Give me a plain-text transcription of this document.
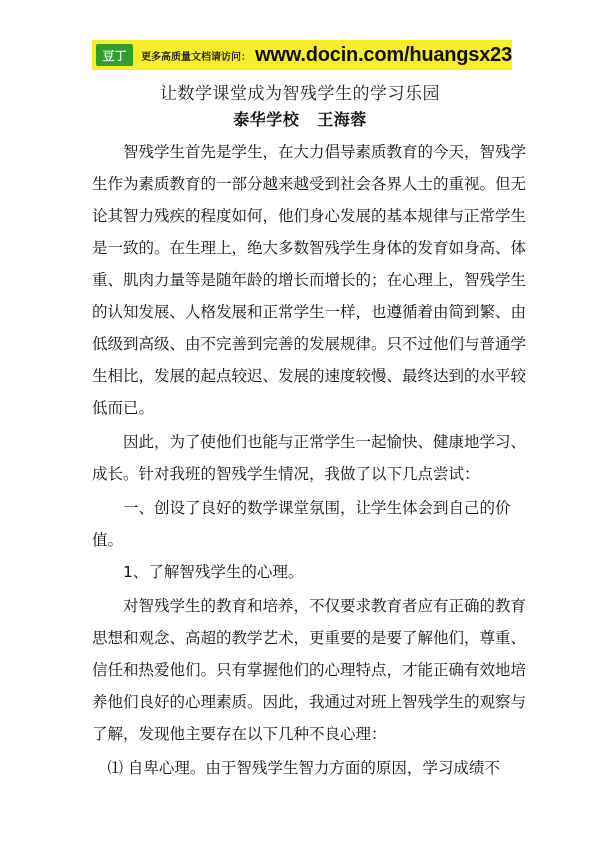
豆丁	更多高质量文档请访问： www.docin.com/huangsx23
让数学课堂成为智残学生的学习乐园
泰华学校 王海蓉
　　智残学生首先是学生，在大力倡导素质教育的今天，智残学
生作为素质教育的一部分越来越受到社会各界人士的重视。但无
论其智力残疾的程度如何，他们身心发展的基本规律与正常学生
是一致的。在生理上，绝大多数智残学生身体的发育如身高、体
重、肌肉力量等是随年龄的增长而增长的；在心理上，智残学生
的认知发展、人格发展和正常学生一样，也遵循着由简到繁、由
低级到高级、由不完善到完善的发展规律。只不过他们与普通学
生相比，发展的起点较迟、发展的速度较慢、最终达到的水平较
低而已。
　　因此，为了使他们也能与正常学生一起愉快、健康地学习、
成长。针对我班的智残学生情况，我做了以下几点尝试：
　　一、创设了良好的数学课堂氛围，让学生体会到自己的价
值。
　　1、了解智残学生的心理。
　　对智残学生的教育和培养，不仅要求教育者应有正确的教育
思想和观念、高超的教学艺术，更重要的是要了解他们，尊重、
信任和热爱他们。只有掌握他们的心理特点，才能正确有效地培
养他们良好的心理素质。因此，我通过对班上智残学生的观察与
了解，发现他主要存在以下几种不良心理：
　⑴ 自卑心理。由于智残学生智力方面的原因，学习成绩不
